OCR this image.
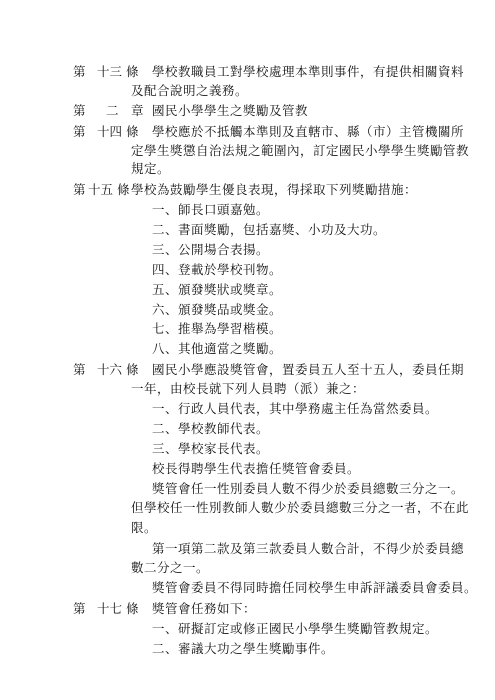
第 十三 條 學校教職員工對學校處理本準則事件，有提供相關資料
及配合說明之義務。
第 二 章 國民小學學生之獎勵及管教
第 十四 條 學校應於不抵觸本準則及直轄市、縣（市）主管機關所
定學生獎懲自治法規之範圍內，訂定國民小學學生獎勵管教
規定。
第 十五 條 學校為鼓勵學生優良表現，得採取下列獎勵措施：
一、師長口頭嘉勉。
二、書面獎勵，包括嘉獎、小功及大功。
三、公開場合表揚。
四、登載於學校刊物。
五、頒發獎狀或獎章。
六、頒發獎品或獎金。
七、推舉為學習楷模。
八、其他適當之獎勵。
第 十六 條 國民小學應設獎管會，置委員五人至十五人，委員任期
一年，由校長就下列人員聘（派）兼之：
一、行政人員代表，其中學務處主任為當然委員。
二、學校教師代表。
三、學校家長代表。
校長得聘學生代表擔任獎管會委員。
獎管會任一性別委員人數不得少於委員總數三分之一。
但學校任一性別教師人數少於委員總數三分之一者，不在此
限。
第一項第二款及第三款委員人數合計，不得少於委員總
數二分之一。
獎管會委員不得同時擔任同校學生申訴評議委員會委員。
第 十七 條 獎管會任務如下：
一、研擬訂定或修正國民小學學生獎勵管教規定。
二、審議大功之學生獎勵事件。
